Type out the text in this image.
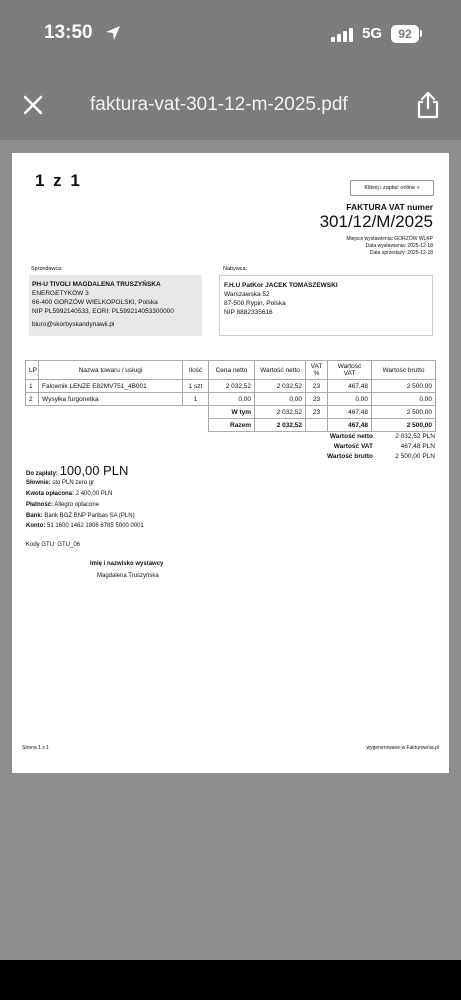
13:50	5G	92
faktura-vat-301-12-m-2025.pdf

1 z 1	Kliknij i zapłać online »

FAKTURA VAT numer

301/12/M/2025

Miejsce wystawienia: GORZÓW WLKP

Data wystawienia: 2025-12-18

Data sprzedaży: 2025-12-18

Sprzedawca:

PH-U TIVOLI MAGDALENA TRUSZYŃSKA

ENERGETYKÓW 3

66-400 GORZÓW WIELKOPOLSKI, Polska

NIP PL5992140533, EORI: PL599214053300000

biuro@skorbyskandynawii.pl

Nabywca:

F.H.U PatKor JACEK TOMASZEWSKI

Warszawska 52

87-500 Rypin, Polska

NIP 8882335616

LP	Nazwa towaru / usługi	Ilość	Cena netto	Wartość netto	VAT %	Wartość VAT	Wartość brutto
1	Falownik LENZE E82MV751_4B001	1 szt	2 032,52	2 032,52	23	467,48	2 500,00
2	Wysyłka furgonetka	1	0,00	0,00	23	0,00	0,00
			W tym	2 032,52	23	467,48	2 500,00
			Razem	2 032,52		467,48	2 500,00

Wartość netto	2 032,52 PLN

Wartość VAT	467,48 PLN

Wartość brutto	2 500,00 PLN

Do zapłaty: 100,00 PLN

Słownie: sto PLN zero gr

Kwota opłacona: 2 400,00 PLN

Płatność: Allegro opłacone

Bank: Bank BGŻ BNP Paribas SA (PLN)

Konto: 51 1600 1462 1806 6785 5000 0001

Kody GTU: GTU_06

Imię i nazwisko wystawcy

Magdalena Truszyńska

Strona 1 z 1	wygenerowane w Fakturownia.pl
